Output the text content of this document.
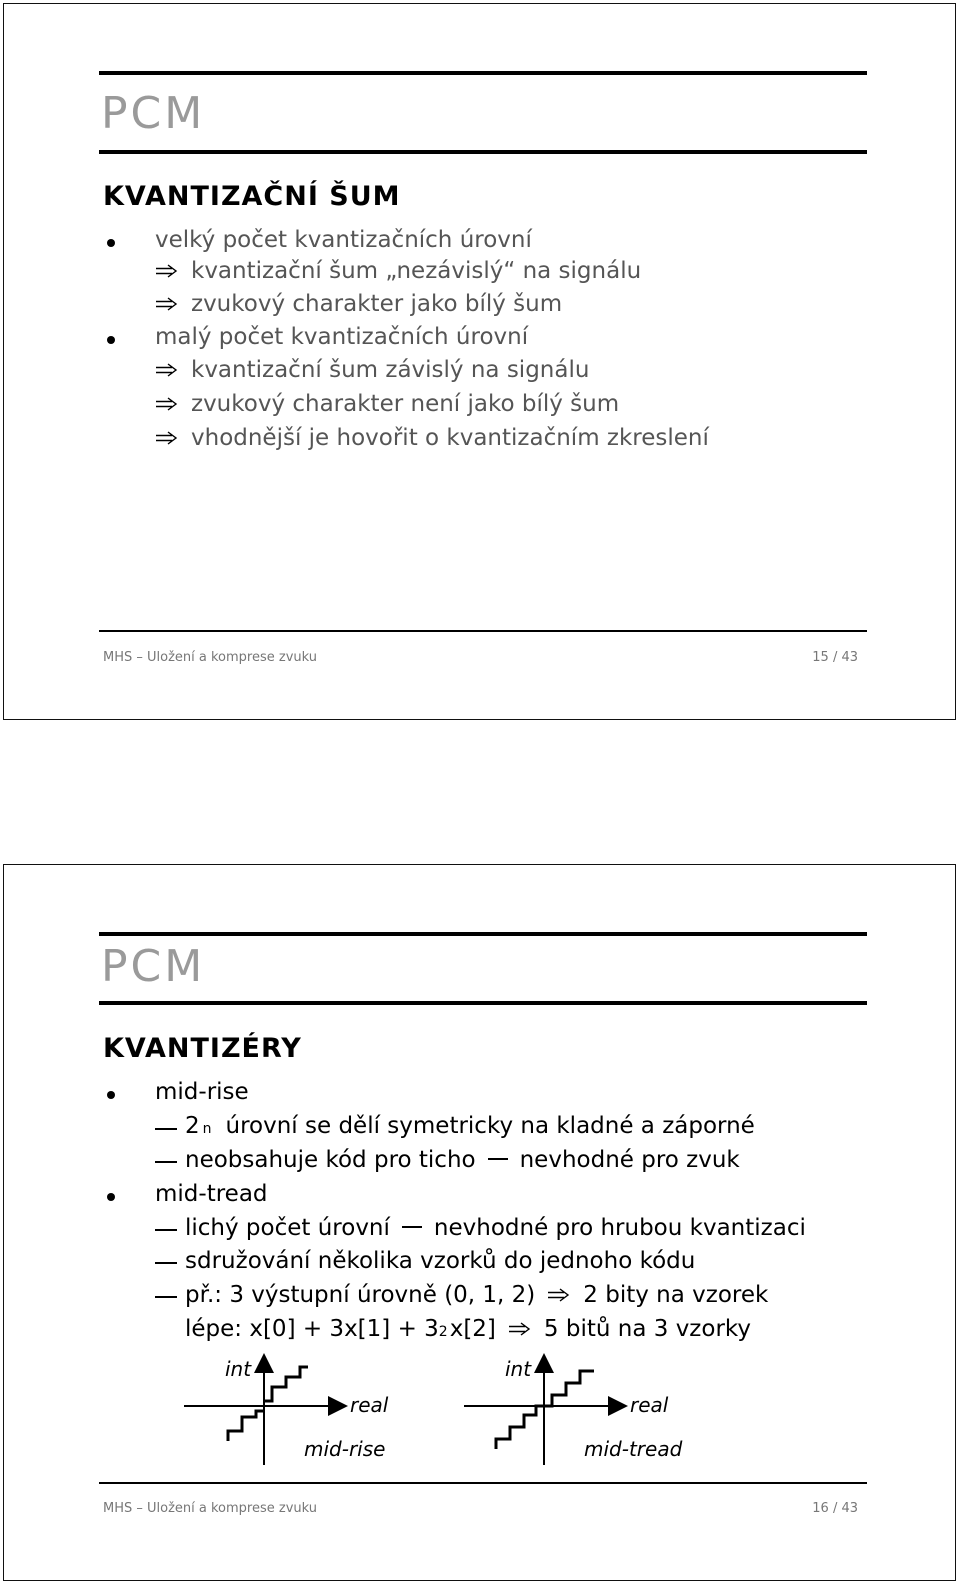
PCM
KVANTIZAČNÍ ŠUM
velký počet kvantizačních úrovní
kvantizační šum „nezávislý“ na signálu
zvukový charakter jako bílý šum
malý počet kvantizačních úrovní
kvantizační šum závislý na signálu
zvukový charakter není jako bílý šum
vhodnější je hovořit o kvantizačním zkreslení
MHS – Uložení a komprese zvuku	15 / 43
PCM
KVANTIZÉRY
mid-rise
2 n úrovní se dělí symetricky na kladné a záporné
neobsahuje kód pro ticho nevhodné pro zvuk
mid-tread
lichý počet úrovní nevhodné pro hrubou kvantizaci
sdružování několika vzorků do jednoho kódu
př.: 3 výstupní úrovně (0, 1, 2) 2 bity na vzorek
lépe: x[0] + 3x[1] + 3 2 x[2] 5 bitů na 3 vzorky
int
real
mid-rise
int
real
mid-tread
MHS – Uložení a komprese zvuku	16 / 43
